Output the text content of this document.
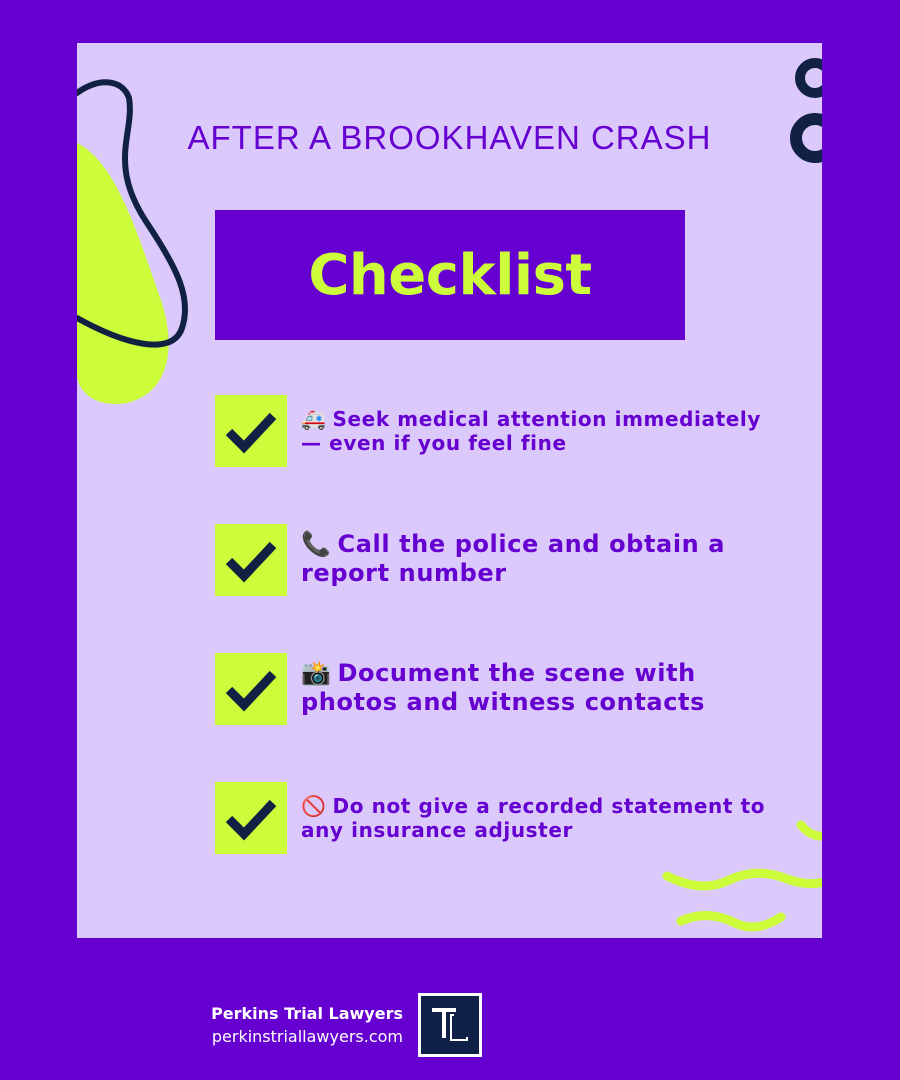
AFTER A BROOKHAVEN CRASH
Checklist
🚑 Seek medical attention immediately — even if you feel fine
📞 Call the police and obtain a report number
📸 Document the scene with photos and witness contacts
🚫 Do not give a recorded statement to any insurance adjuster
Perkins Trial Lawyers
perkinstriallawyers.com
